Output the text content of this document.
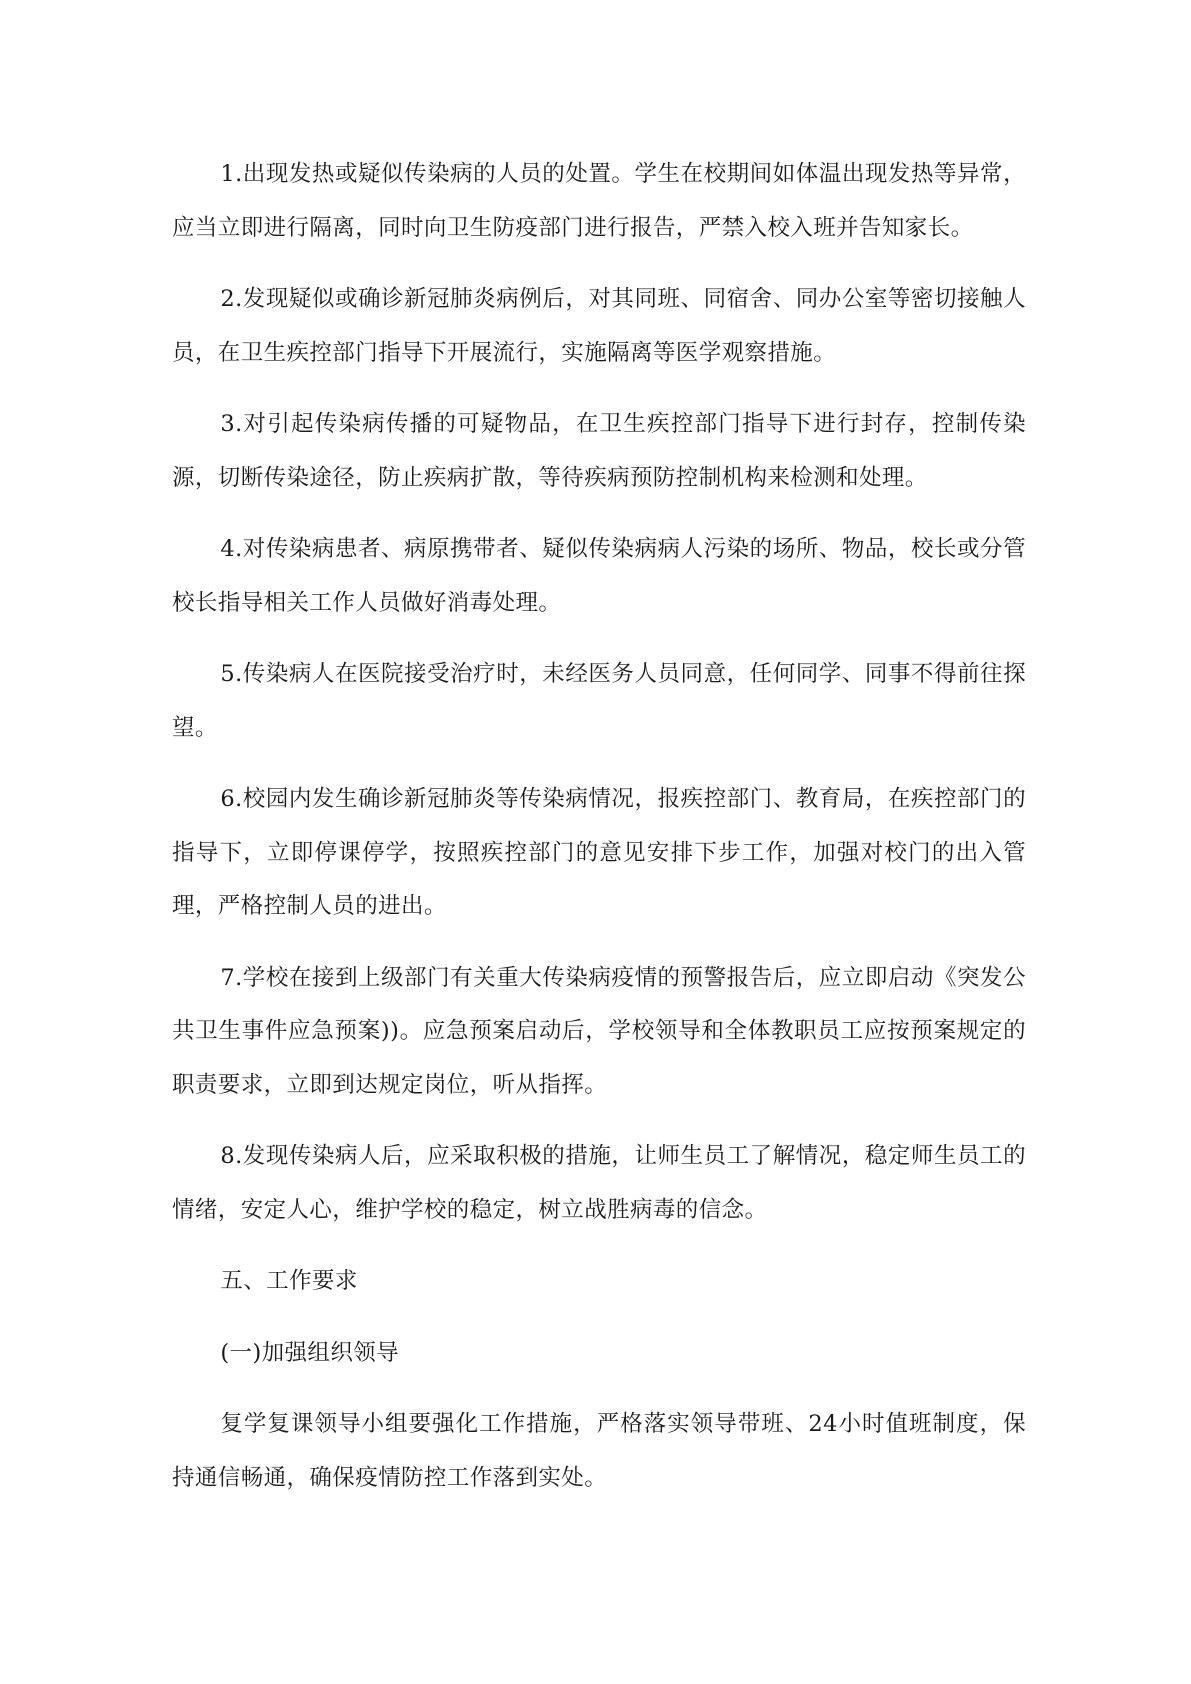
1.出现发热或疑似传染病的人员的处置。学生在校期间如体温出现发热等异常，应当立即进行隔离，同时向卫生防疫部门进行报告，严禁入校入班并告知家长。

2.发现疑似或确诊新冠肺炎病例后，对其同班、同宿舍、同办公室等密切接触人员，在卫生疾控部门指导下开展流行，实施隔离等医学观察措施。

3.对引起传染病传播的可疑物品，在卫生疾控部门指导下进行封存，控制传染源，切断传染途径，防止疾病扩散，等待疾病预防控制机构来检测和处理。

4.对传染病患者、病原携带者、疑似传染病病人污染的场所、物品，校长或分管校长指导相关工作人员做好消毒处理。

5.传染病人在医院接受治疗时，未经医务人员同意，任何同学、同事不得前往探望。

6.校园内发生确诊新冠肺炎等传染病情况，报疾控部门、教育局，在疾控部门的指导下，立即停课停学，按照疾控部门的意见安排下步工作，加强对校门的出入管理，严格控制人员的进出。

7.学校在接到上级部门有关重大传染病疫情的预警报告后，应立即启动《突发公共卫生事件应急预案))。应急预案启动后，学校领导和全体教职员工应按预案规定的职责要求，立即到达规定岗位，听从指挥。

8.发现传染病人后，应采取积极的措施，让师生员工了解情况，稳定师生员工的情绪，安定人心，维护学校的稳定，树立战胜病毒的信念。

五、工作要求

(一)加强组织领导

复学复课领导小组要强化工作措施，严格落实领导带班、24小时值班制度，保持通信畅通，确保疫情防控工作落到实处。
